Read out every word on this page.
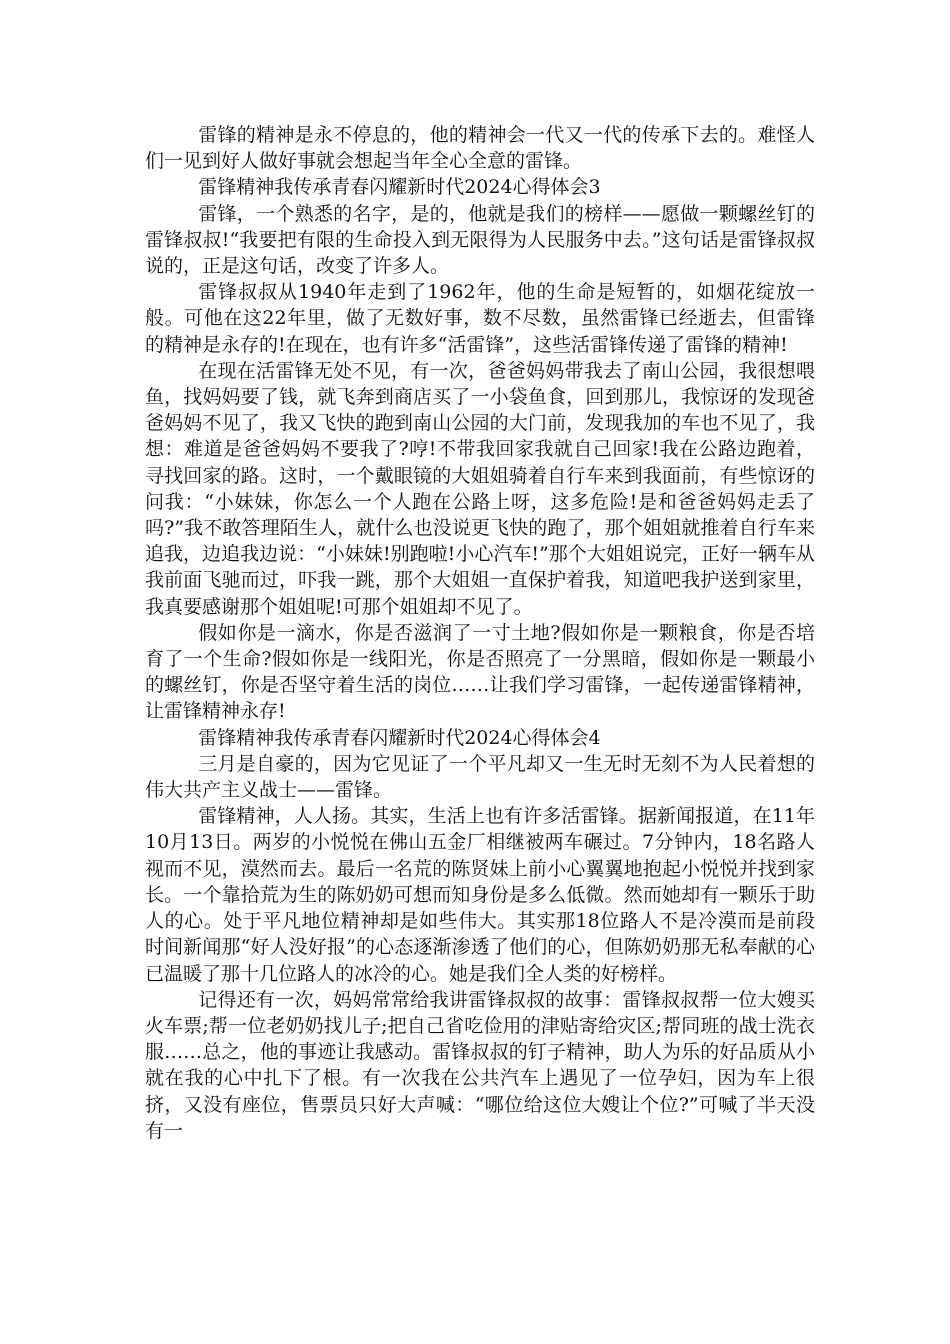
雷锋的精神是永不停息的，他的精神会一代又一代的传承下去的。难怪人们一见到好人做好事就会想起当年全心全意的雷锋。

雷锋精神我传承青春闪耀新时代2024心得体会3

雷锋，一个熟悉的名字，是的，他就是我们的榜样——愿做一颗螺丝钉的雷锋叔叔!“我要把有限的生命投入到无限得为人民服务中去。”这句话是雷锋叔叔说的，正是这句话，改变了许多人。

雷锋叔叔从1940年走到了1962年，他的生命是短暂的，如烟花绽放一般。可他在这22年里，做了无数好事，数不尽数，虽然雷锋已经逝去，但雷锋的精神是永存的!在现在，也有许多“活雷锋”，这些活雷锋传递了雷锋的精神!

在现在活雷锋无处不见，有一次，爸爸妈妈带我去了南山公园，我很想喂鱼，找妈妈要了钱，就飞奔到商店买了一小袋鱼食，回到那儿，我惊讶的发现爸爸妈妈不见了，我又飞快的跑到南山公园的大门前，发现我加的车也不见了，我想：难道是爸爸妈妈不要我了?哼!不带我回家我就自己回家!我在公路边跑着，寻找回家的路。这时，一个戴眼镜的大姐姐骑着自行车来到我面前，有些惊讶的问我：“小妹妹，你怎么一个人跑在公路上呀，这多危险!是和爸爸妈妈走丢了吗?”我不敢答理陌生人，就什么也没说更飞快的跑了，那个姐姐就推着自行车来追我，边追我边说：“小妹妹!别跑啦!小心汽车!”那个大姐姐说完，正好一辆车从我前面飞驰而过，吓我一跳，那个大姐姐一直保护着我，知道吧我护送到家里，我真要感谢那个姐姐呢!可那个姐姐却不见了。

假如你是一滴水，你是否滋润了一寸土地?假如你是一颗粮食，你是否培育了一个生命?假如你是一线阳光，你是否照亮了一分黑暗，假如你是一颗最小的螺丝钉，你是否坚守着生活的岗位……让我们学习雷锋，一起传递雷锋精神，让雷锋精神永存!

雷锋精神我传承青春闪耀新时代2024心得体会4

三月是自豪的，因为它见证了一个平凡却又一生无时无刻不为人民着想的伟大共产主义战士——雷锋。

雷锋精神，人人扬。其实，生活上也有许多活雷锋。据新闻报道，在11年10月13日。两岁的小悦悦在佛山五金厂相继被两车碾过。7分钟内，18名路人视而不见，漠然而去。最后一名荒的陈贤妹上前小心翼翼地抱起小悦悦并找到家长。一个靠拾荒为生的陈奶奶可想而知身份是多么低微。然而她却有一颗乐于助人的心。处于平凡地位精神却是如些伟大。其实那18位路人不是冷漠而是前段时间新闻那“好人没好报”的心态逐渐渗透了他们的心，但陈奶奶那无私奉献的心已温暖了那十几位路人的冰冷的心。她是我们全人类的好榜样。

记得还有一次，妈妈常常给我讲雷锋叔叔的故事：雷锋叔叔帮一位大嫂买火车票;帮一位老奶奶找儿子;把自己省吃俭用的津贴寄给灾区;帮同班的战士洗衣服……总之，他的事迹让我感动。雷锋叔叔的钉子精神，助人为乐的好品质从小就在我的心中扎下了根。有一次我在公共汽车上遇见了一位孕妇，因为车上很挤，又没有座位，售票员只好大声喊：“哪位给这位大嫂让个位?”可喊了半天没有一
